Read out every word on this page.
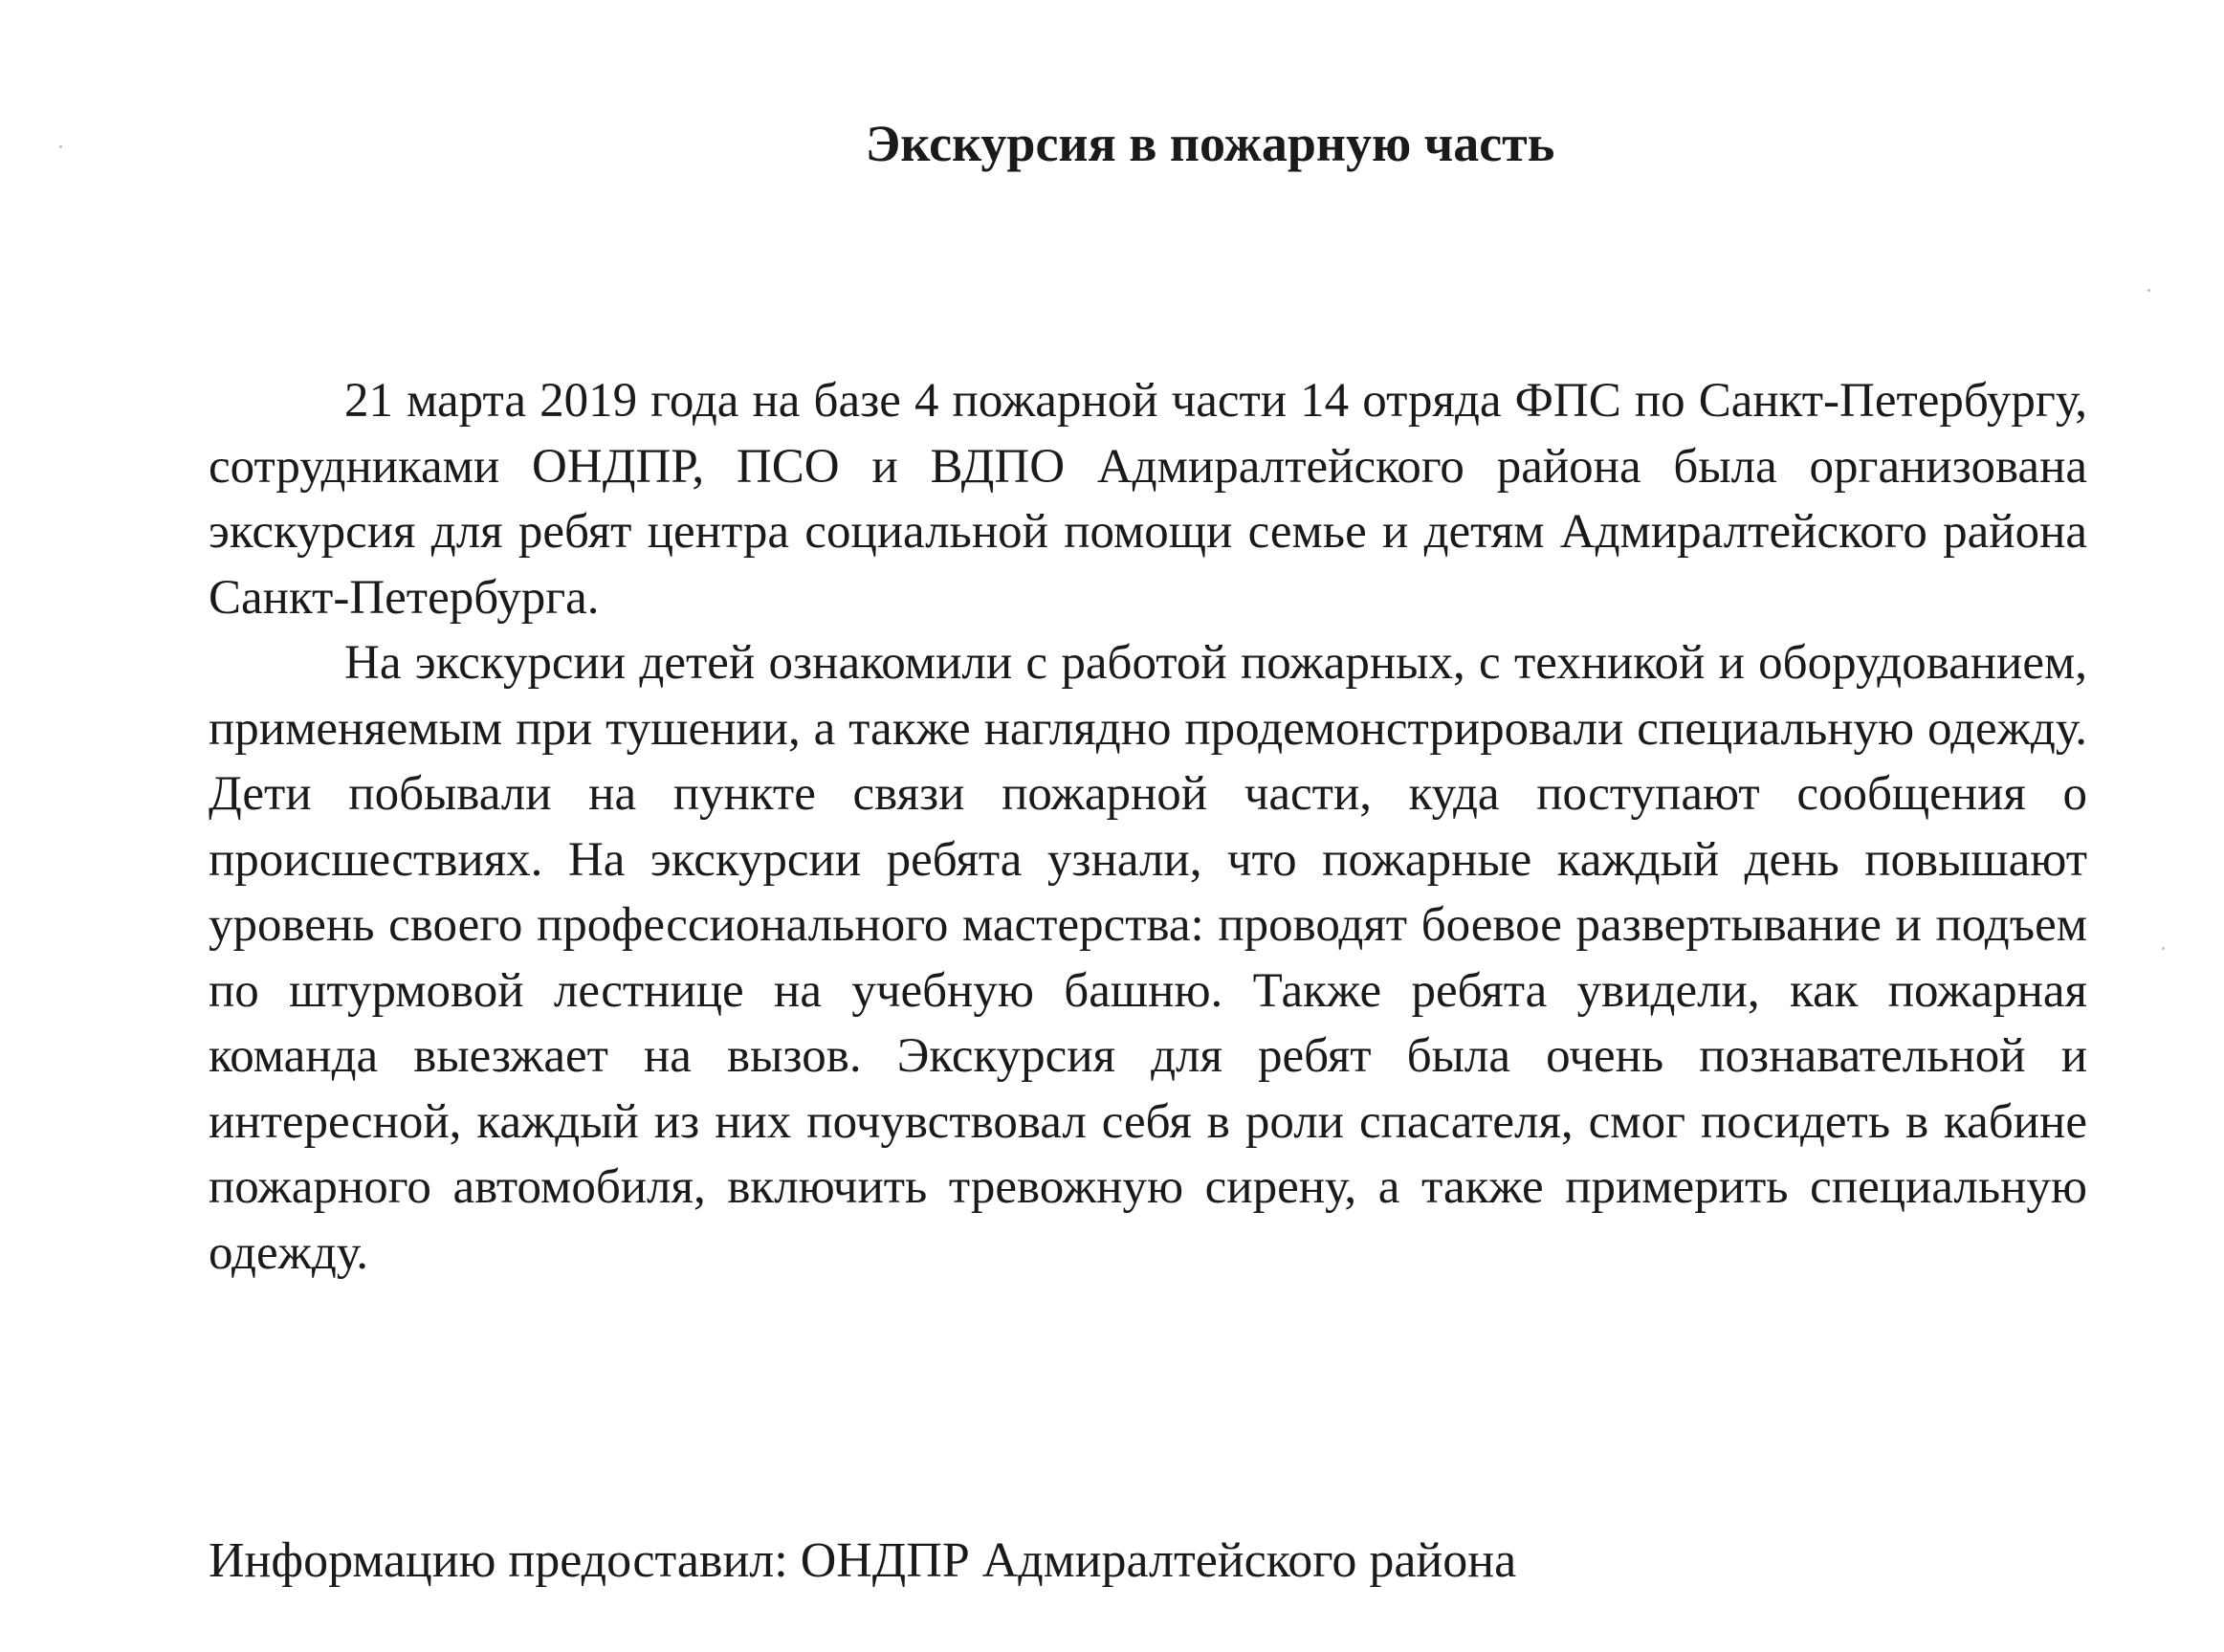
Экскурсия в пожарную часть

21 марта 2019 года на базе 4 пожарной части 14 отряда ФПС по Санкт-Петербургу, сотрудниками ОНДПР, ПСО и ВДПО Адмиралтейского района была организована экскурсия для ребят центра социальной помощи семье и детям Адмиралтейского района Санкт-Петербурга.

На экскурсии детей ознакомили с работой пожарных, с техникой и оборудованием, применяемым при тушении, а также наглядно продемонстрировали специальную одежду. Дети побывали на пункте связи пожарной части, куда поступают сообщения о происшествиях. На экскурсии ребята узнали, что пожарные каждый день повышают уровень своего профессионального мастерства: проводят боевое развертывание и подъем по штурмовой лестнице на учебную башню. Также ребята увидели, как пожарная команда выезжает на вызов. Экскурсия для ребят была очень познавательной и интересной, каждый из них почувствовал себя в роли спасателя, смог посидеть в кабине пожарного автомобиля, включить тревожную сирену, а также примерить специальную одежду.

Информацию предоставил: ОНДПР Адмиралтейского района
